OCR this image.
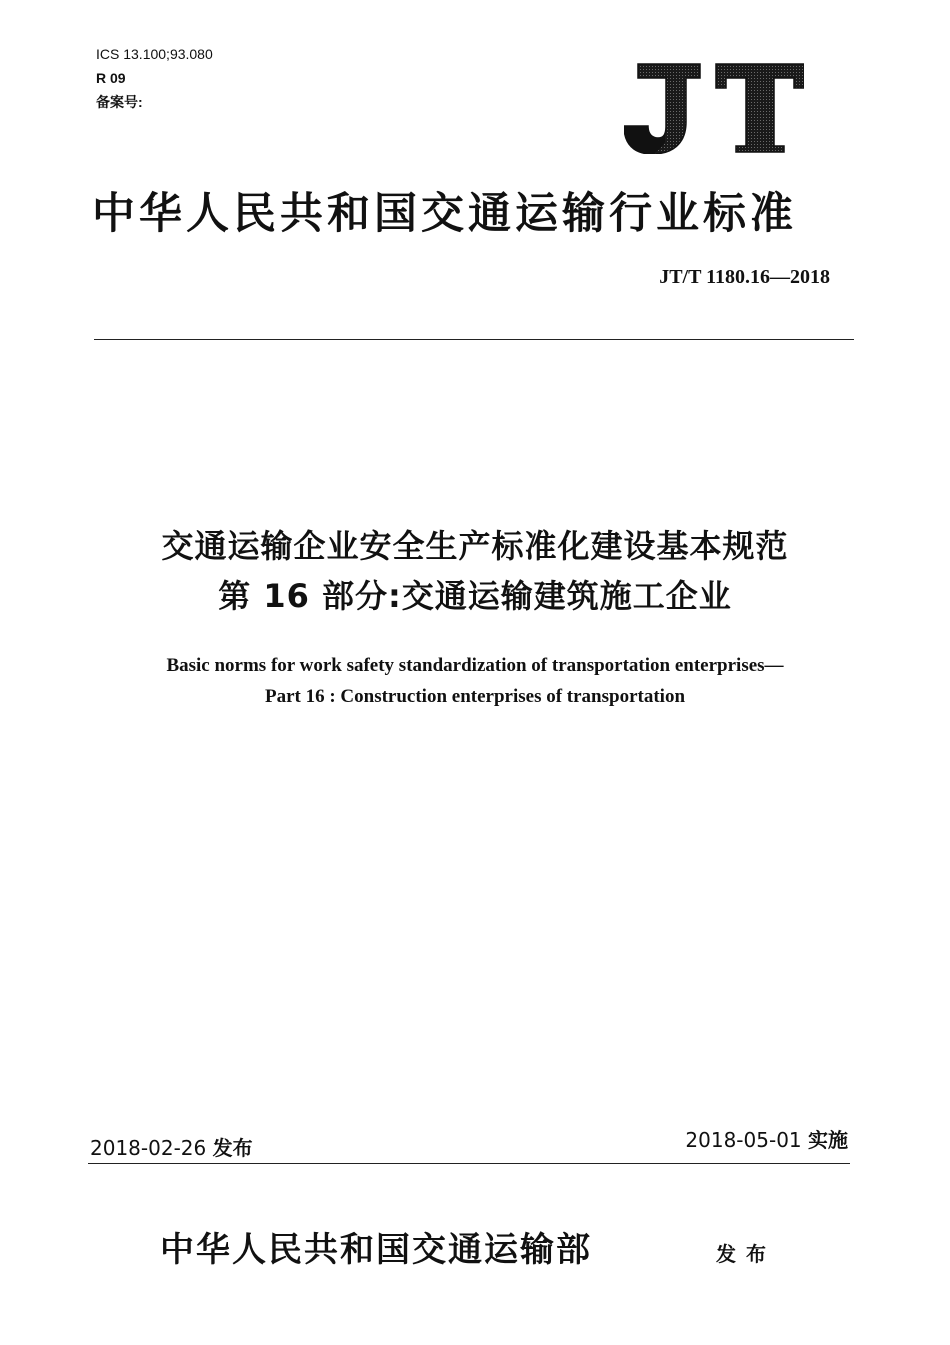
ICS 13.100;93.080
R 09
备案号:
中华人民共和国交通运输行业标准
JT/T 1180.16—2018
交通运输企业安全生产标准化建设基本规范
第 16 部分:交通运输建筑施工企业
Basic norms for work safety standardization of transportation enterprises—
Part 16 : Construction enterprises of transportation
2018-02-26 发布	2018-05-01 实施
中华人民共和国交通运输部	发布
